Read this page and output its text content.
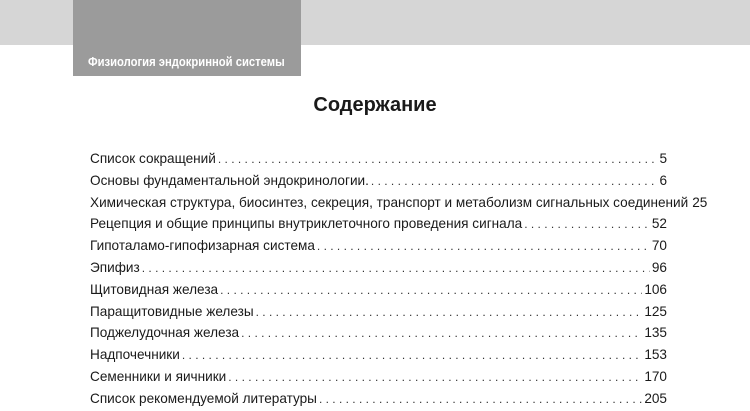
Физиология эндокринной системы
Содержание
Список сокращений . . .	5
Основы фундаментальной эндокринологии. . . .	6
Химическая структура, биосинтез, секреция, транспорт и метаболизм сигнальных соединений 25
Рецепция и общие принципы внутриклеточного проведения сигнала . . .	52
Гипоталамо-гипофизарная система . . .	70
Эпифиз . . .	96
Щитовидная железа . . .	106
Паращитовидные железы . . .	125
Поджелудочная железа . . .	135
Надпочечники . . .	153
Семенники и яичники . . .	170
Список рекомендуемой литературы . . .	205
